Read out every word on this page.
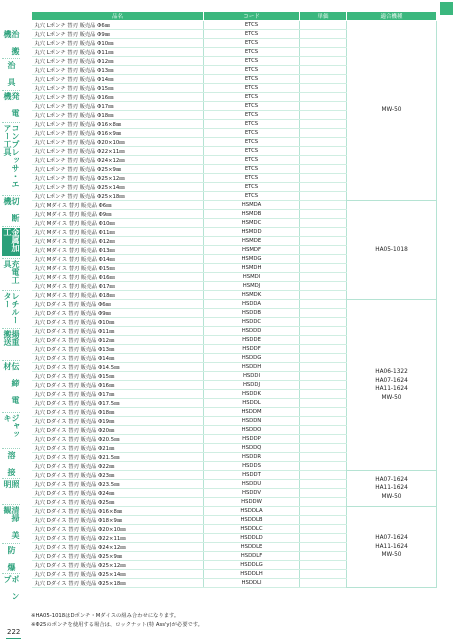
治 搬機
治 具
発 電 機
コンプレッサ・エアー工具
切 断 機
金属加工
充電工具
レチルーター
揚重 搬送
伝 締 電 材
ジャッキ
溶 接
照 明
清掃 美観
防 爆
ポ ン プ
品名	コード	単価	適合機種
丸穴 Lポンチ 替刃 販売品 Φ6㎜	ETCS		MW-50
丸穴 Lポンチ 替刃 販売品 Φ9㎜	ETCS		
丸穴 Lポンチ 替刃 販売品 Φ10㎜	ETCS		
丸穴 Lポンチ 替刃 販売品 Φ11㎜	ETCS		
丸穴 Lポンチ 替刃 販売品 Φ12㎜	ETCS		
丸穴 Lポンチ 替刃 販売品 Φ13㎜	ETCS		
丸穴 Lポンチ 替刃 販売品 Φ14㎜	ETCS		
丸穴 Lポンチ 替刃 販売品 Φ15㎜	ETCS		
丸穴 Lポンチ 替刃 販売品 Φ16㎜	ETCS		
丸穴 Lポンチ 替刃 販売品 Φ17㎜	ETCS		
丸穴 Lポンチ 替刃 販売品 Φ18㎜	ETCS		
丸穴 Lポンチ 替刃 販売品 Φ16×8㎜	ETCS		
丸穴 Lポンチ 替刃 販売品 Φ16×9㎜	ETCS		
丸穴 Lポンチ 替刃 販売品 Φ20×10㎜	ETCS		
丸穴 Lポンチ 替刃 販売品 Φ22×11㎜	ETCS		
丸穴 Lポンチ 替刃 販売品 Φ24×12㎜	ETCS		
丸穴 Lポンチ 替刃 販売品 Φ25×9㎜	ETCS		
丸穴 Lポンチ 替刃 販売品 Φ25×12㎜	ETCS		
丸穴 Lポンチ 替刃 販売品 Φ25×14㎜	ETCS		
丸穴 Lポンチ 替刃 販売品 Φ25×18㎜	ETCS		
丸穴 Mダイス 替刃 販売品 Φ6㎜	HSMDA		HA05-1018
丸穴 Mダイス 替刃 販売品 Φ9㎜	HSMDB		
丸穴 Mダイス 替刃 販売品 Φ10㎜	HSMDC		
丸穴 Mダイス 替刃 販売品 Φ11㎜	HSMDD		
丸穴 Mダイス 替刃 販売品 Φ12㎜	HSMDE		
丸穴 Mダイス 替刃 販売品 Φ13㎜	HSMDF		
丸穴 Mダイス 替刃 販売品 Φ14㎜	HSMDG		
丸穴 Mダイス 替刃 販売品 Φ15㎜	HSMDH		
丸穴 Mダイス 替刃 販売品 Φ16㎜	HSMDI		
丸穴 Mダイス 替刃 販売品 Φ17㎜	HSMDJ		
丸穴 Mダイス 替刃 販売品 Φ18㎜	HSMDK		
丸穴 Dダイス 替刃 販売品 Φ6㎜	HSDDA		HA06-1322
HA07-1624
HA11-1624
MW-50
丸穴 Dダイス 替刃 販売品 Φ9㎜	HSDDB		
丸穴 Dダイス 替刃 販売品 Φ10㎜	HSDDC		
丸穴 Dダイス 替刃 販売品 Φ11㎜	HSDDD		
丸穴 Dダイス 替刃 販売品 Φ12㎜	HSDDE		
丸穴 Dダイス 替刃 販売品 Φ13㎜	HSDDF		
丸穴 Dダイス 替刃 販売品 Φ14㎜	HSDDG		
丸穴 Dダイス 替刃 販売品 Φ14.5㎜	HSDDH		
丸穴 Dダイス 替刃 販売品 Φ15㎜	HSDDI		
丸穴 Dダイス 替刃 販売品 Φ16㎜	HSDDJ		
丸穴 Dダイス 替刃 販売品 Φ17㎜	HSDDK		
丸穴 Dダイス 替刃 販売品 Φ17.5㎜	HSDDL		
丸穴 Dダイス 替刃 販売品 Φ18㎜	HSDDM		
丸穴 Dダイス 替刃 販売品 Φ19㎜	HSDDN		
丸穴 Dダイス 替刃 販売品 Φ20㎜	HSDDO		
丸穴 Dダイス 替刃 販売品 Φ20.5㎜	HSDDP		
丸穴 Dダイス 替刃 販売品 Φ21㎜	HSDDQ		
丸穴 Dダイス 替刃 販売品 Φ21.5㎜	HSDDR		
丸穴 Dダイス 替刃 販売品 Φ22㎜	HSDDS		
丸穴 Dダイス 替刃 販売品 Φ23㎜	HSDDT		HA07-1624
HA11-1624
MW-50
丸穴 Dダイス 替刃 販売品 Φ23.5㎜	HSDDU		
丸穴 Dダイス 替刃 販売品 Φ24㎜	HSDDV		
丸穴 Dダイス 替刃 販売品 Φ25㎜	HSDDW		
丸穴 Dダイス 替刃 販売品 Φ16×8㎜	HSDDLA		HA07-1624
HA11-1624
MW-50
丸穴 Dダイス 替刃 販売品 Φ18×9㎜	HSDDLB		
丸穴 Dダイス 替刃 販売品 Φ20×10㎜	HSDDLC		
丸穴 Dダイス 替刃 販売品 Φ22×11㎜	HSDDLD		
丸穴 Dダイス 替刃 販売品 Φ24×12㎜	HSDDLE		
丸穴 Dダイス 替刃 販売品 Φ25×9㎜	HSDDLF		
丸穴 Dダイス 替刃 販売品 Φ25×12㎜	HSDDLG		
丸穴 Dダイス 替刃 販売品 Φ25×14㎜	HSDDLH		
丸穴 Dダイス 替刃 販売品 Φ25×18㎜	HSDDLI		
※HA05-1018はDポンチ・Mダイスの組み合わせになります。
※Φ25のポンチを使用する場合は、ロックナット(特 Ass'y)が必要です。
222
